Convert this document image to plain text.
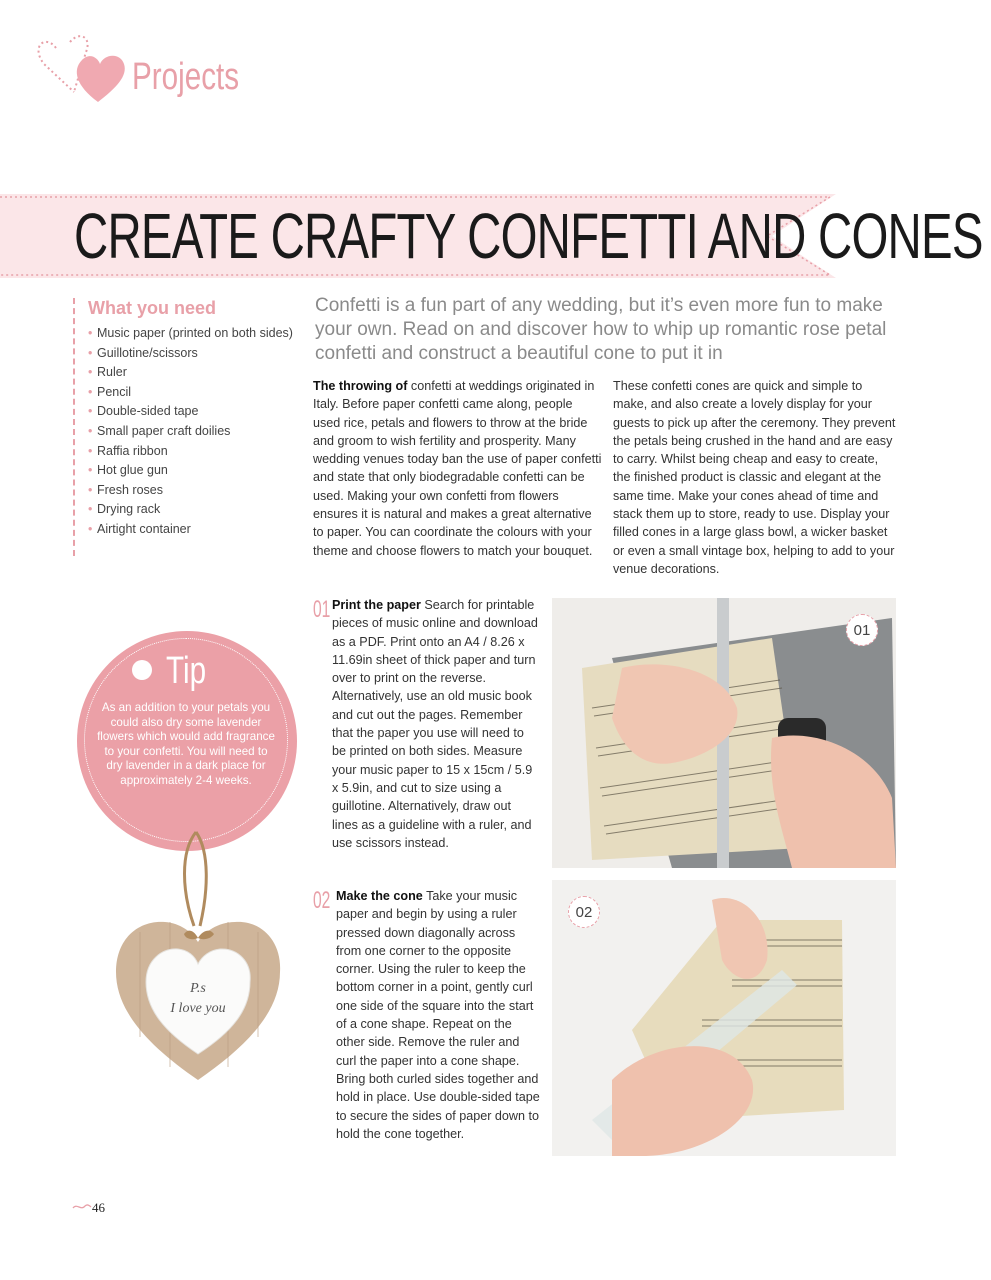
Projects
CREATE CRAFTY CONFETTI AND CONES
What you need
• Music paper (printed on both sides)
• Guillotine/scissors
• Ruler
• Pencil
• Double-sided tape
• Small paper craft doilies
• Raffia ribbon
• Hot glue gun
• Fresh roses
• Drying rack
• Airtight container
Confetti is a fun part of any wedding, but it’s even more fun to make your own. Read on and discover how to whip up romantic rose petal confetti and construct a beautiful cone to put it in
The throwing of confetti at weddings originated in Italy. Before paper confetti came along, people used rice, petals and flowers to throw at the bride and groom to wish fertility and prosperity. Many wedding venues today ban the use of paper confetti and state that only biodegradable confetti can be used. Making your own confetti from flowers ensures it is natural and makes a great alternative to paper. You can coordinate the colours with your theme and choose flowers to match your bouquet.
These confetti cones are quick and simple to make, and also create a lovely display for your guests to pick up after the ceremony. They prevent the petals being crushed in the hand and are easy to carry. Whilst being cheap and easy to create, the finished product is classic and elegant at the same time. Make your cones ahead of time and stack them up to store, ready to use. Display your filled cones in a large glass bowl, a wicker basket or even a small vintage box, helping to add to your venue decorations.
01 Print the paper Search for printable pieces of music online and download as a PDF. Print onto an A4 / 8.26 x 11.69in sheet of thick paper and turn over to print on the reverse. Alternatively, use an old music book and cut out the pages. Remember that the paper you use will need to be printed on both sides. Measure your music paper to 15 x 15cm / 5.9 x 5.9in, and cut to size using a guillotine. Alternatively, draw out lines as a guideline with a ruler, and use scissors instead.
01
02 Make the cone Take your music paper and begin by using a ruler pressed down diagonally across from one corner to the opposite corner. Using the ruler to keep the bottom corner in a point, gently curl one side of the square into the start of a cone shape. Repeat on the other side. Remove the ruler and curl the paper into a cone shape. Bring both curled sides together and hold in place. Use double-sided tape to secure the sides of paper down to hold the cone together.
02
Tip
As an addition to your petals you could also dry some lavender flowers which would add fragrance to your confetti. You will need to dry lavender in a dark place for approximately 2-4 weeks.
P.s
I love you
46
